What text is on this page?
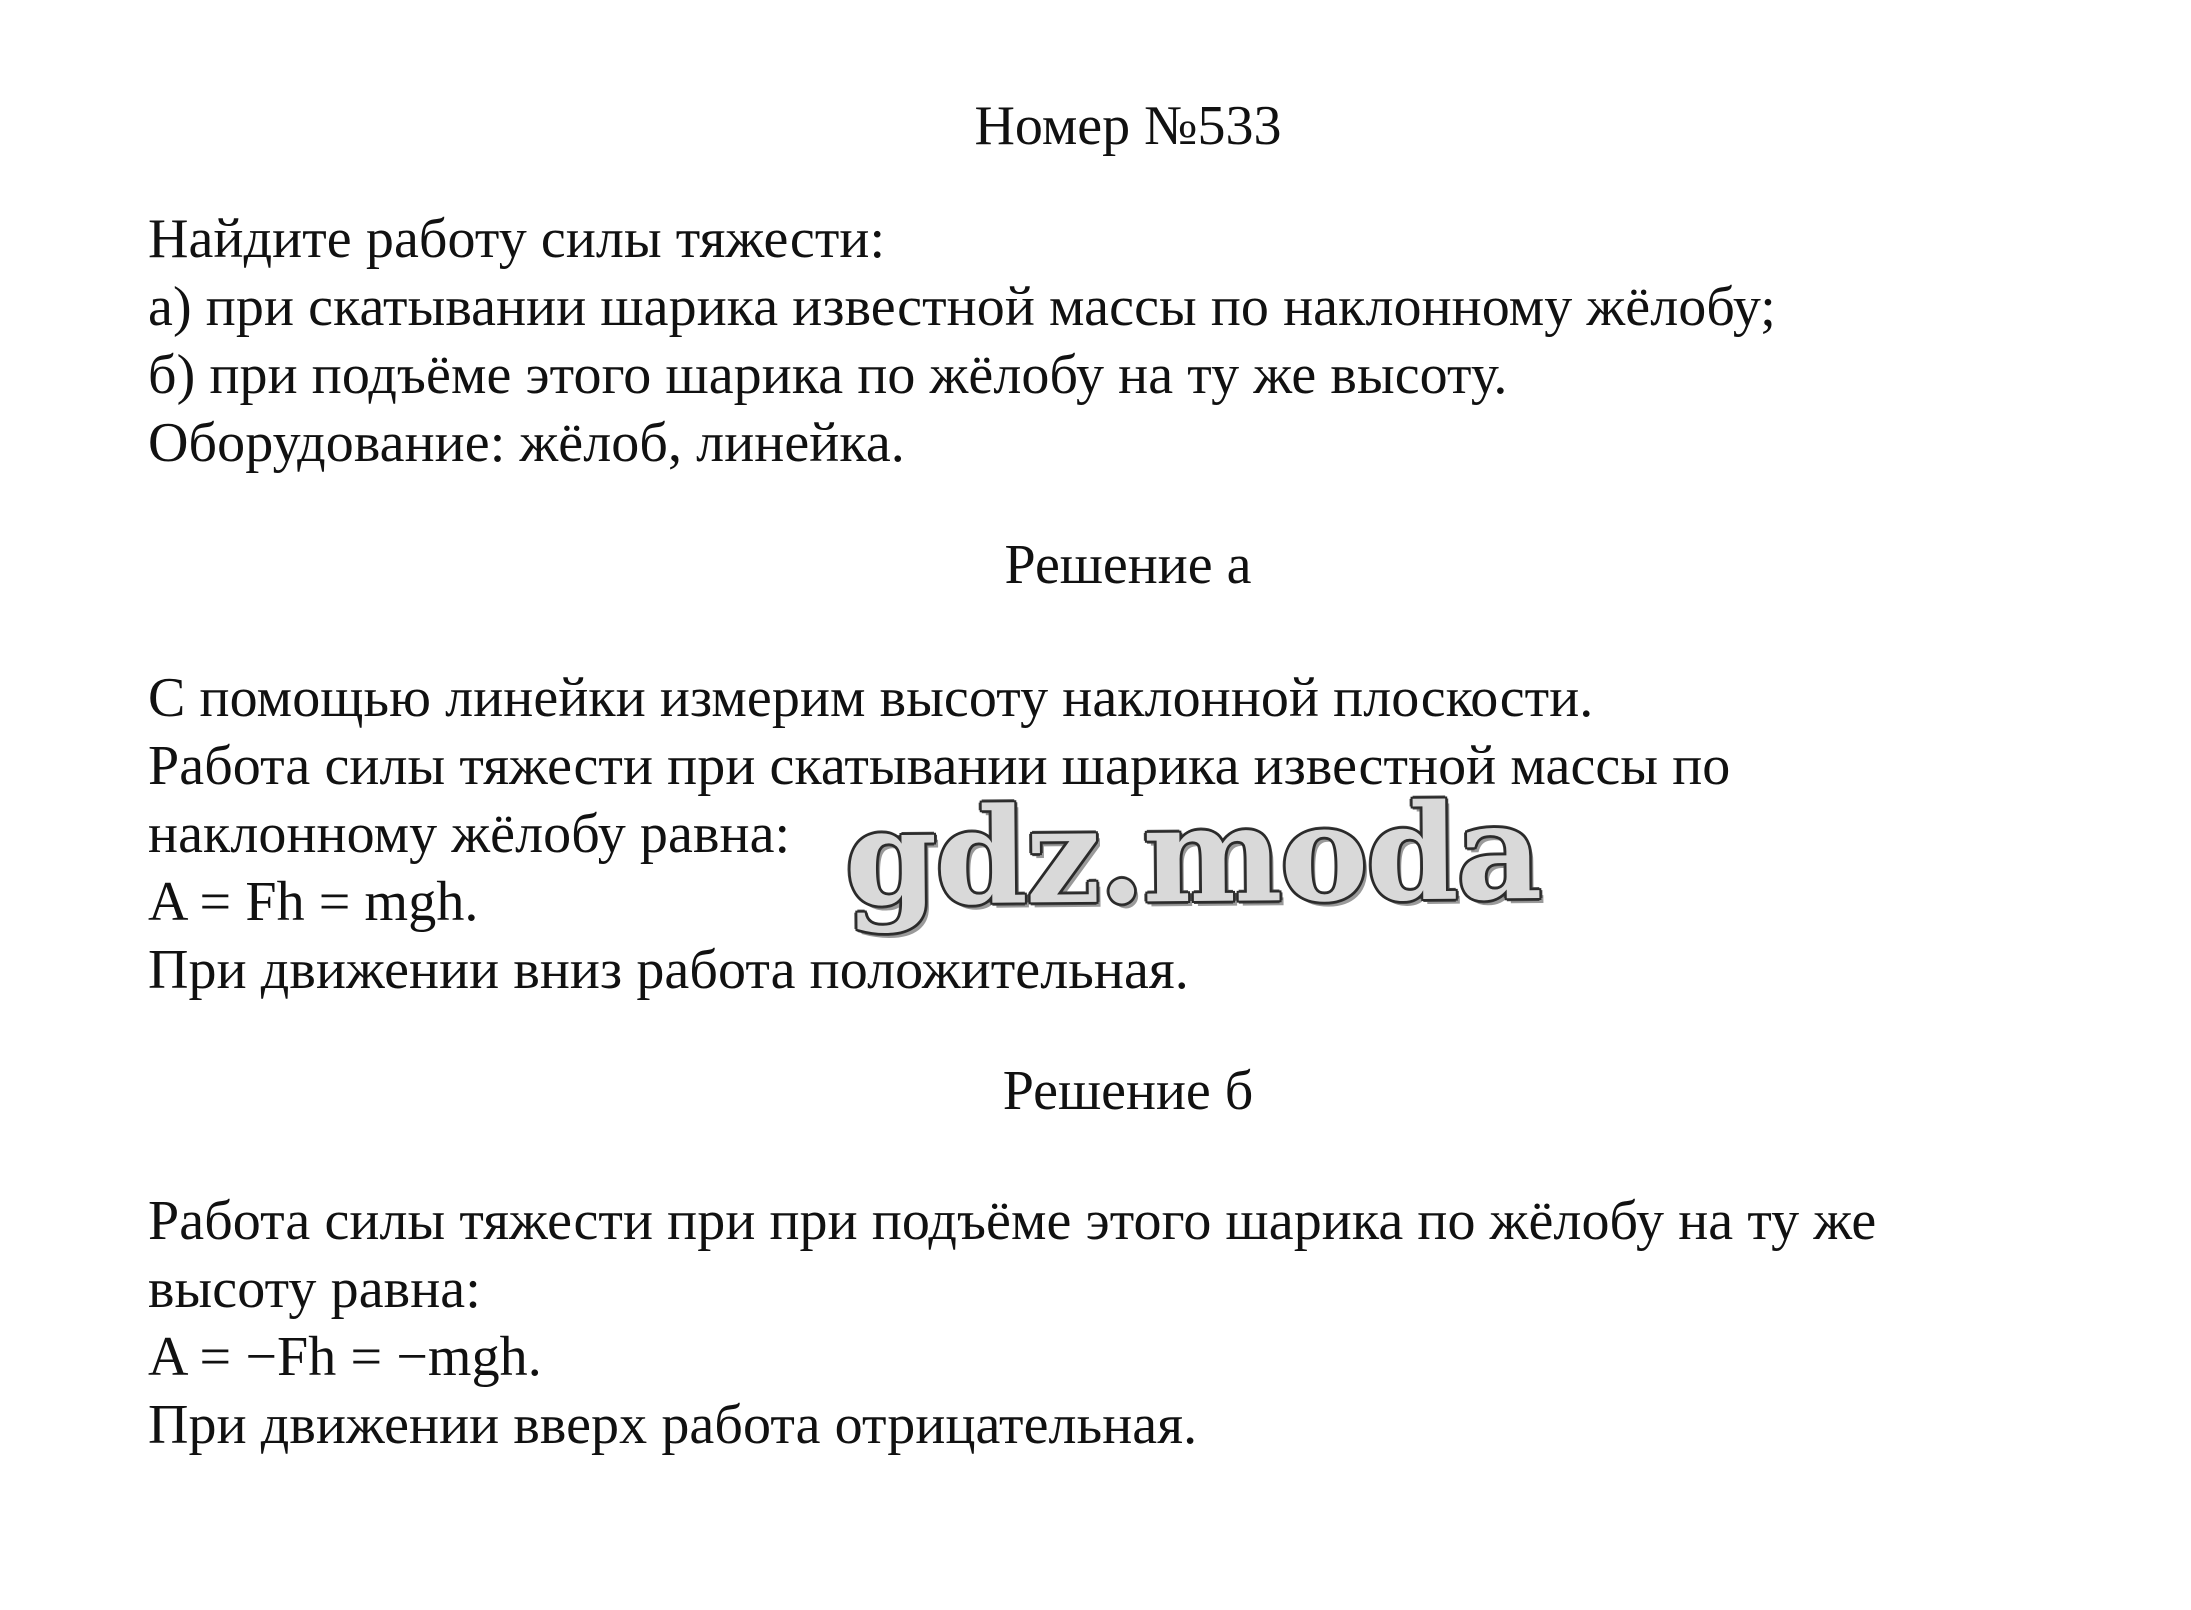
Номер №533
Найдите работу силы тяжести:
а) при скатывании шарика известной массы по наклонному жёлобу;
б) при подъёме этого шарика по жёлобу на ту же высоту.
Оборудование: жёлоб, линейка.
Решение а
С помощью линейки измерим высоту наклонной плоскости.
Работа силы тяжести при скатывании шарика известной массы по
наклонному жёлобу равна:
A = Fh = mgh.
При движении вниз работа положительная.
Решение б
Работа силы тяжести при при подъёме этого шарика по жёлобу на ту же
высоту равна:
A = −Fh = −mgh.
При движении вверх работа отрицательная.
gdz.moda
